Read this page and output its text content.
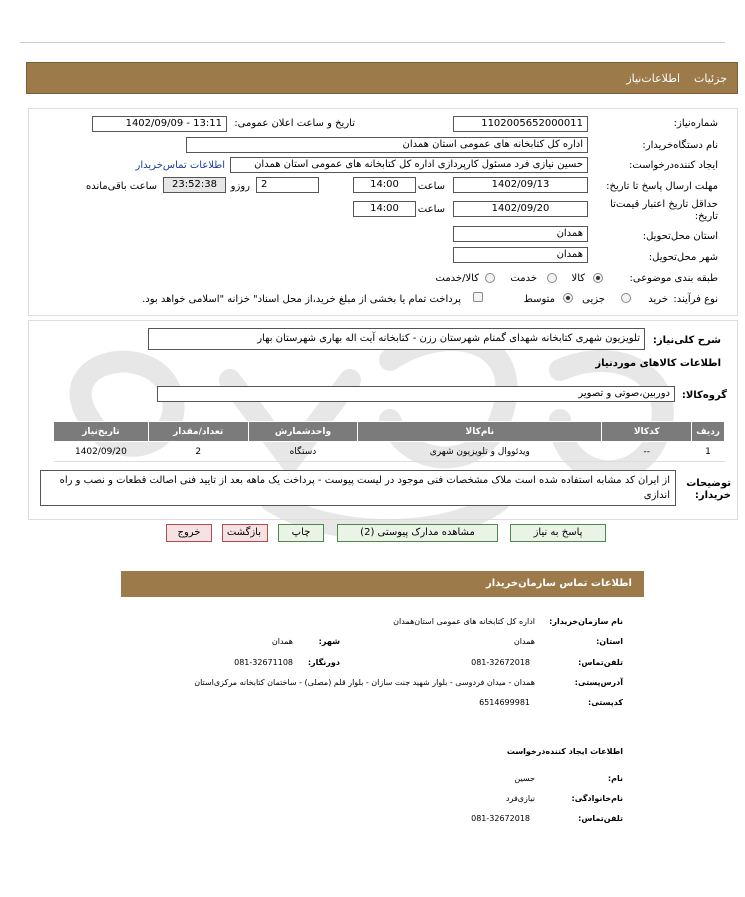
جزئیات
اطلاعات‌نیاز
شماره‌نیاز:
1102005652000011
تاریخ و ساعت اعلان عمومی:
1402/09/09 - 13:11
نام دستگاه‌خریدار:
اداره کل کتابخانه های عمومی استان همدان
ایجاد کننده‌درخواست:
حسین نیازی فرد مسئول کارپردازی اداره کل کتابخانه های عمومی استان همدان
اطلاعات تماس‌خریدار
مهلت ارسال پاسخ تا تاریخ:
1402/09/13
ساعت
14:00
2
روزو
23:52:38
ساعت باقی‌مانده
حداقل تاریخ اعتبار قیمت‌تا تاریخ:
1402/09/20
ساعت
14:00
استان محل‌تحویل:
همدان
شهر محل‌تحویل:
همدان
طبقه بندی موضوعی:
کالا
خدمت
کالا/خدمت
نوع فرآیند:
خرید
جزیی
متوسط
پرداخت تمام یا بخشی از مبلغ خرید،از محل اسناد" خزانه "اسلامی خواهد بود.
شرح کلی‌نیاز:
تلویزیون شهری کتابخانه شهدای گمنام شهرستان رزن - کتابخانه آیت اله بهاری شهرستان بهار
اطلاعات کالاهای موردنیاز
گروه‌کالا:
دوربین،صوتی و تصویر
ردیف	کدکالا	نام‌کالا	واحدشمارش	تعداد/مقدار	تاریخ‌نیاز
1	--	ویدئووال و تلویزیون شهری	دستگاه	2	1402/09/20
توضیحات خریدار:
از ایران کد مشابه استفاده شده است ملاک مشخصات فنی موجود در لیست پیوست - پرداخت یک ماهه بعد از تایید فنی اصالت قطعات و نصب و راه اندازی
پاسخ به نیاز
مشاهده مدارک پیوستی (2)
چاپ
بازگشت
خروج
اطلاعات تماس سازمان‌خریدار
نام سازمان‌خریدار:
اداره کل کتابخانه های عمومی استان‌همدان
استان:
همدان
شهر:
همدان
تلفن‌تماس:
081-32672018
دورنگار:
081-32671108
آدرس‌پستی:
همدان - میدان فردوسی - بلوار شهید جنت سازان - بلوار قلم (مصلی) - ساختمان کتابخانه مرکزی‌استان
کدپستی:
6514699981
اطلاعات ایجاد کننده‌درخواست
نام:
حسین
نام‌خانوادگی:
نیازی‌فرد
تلفن‌تماس:
081-32672018
